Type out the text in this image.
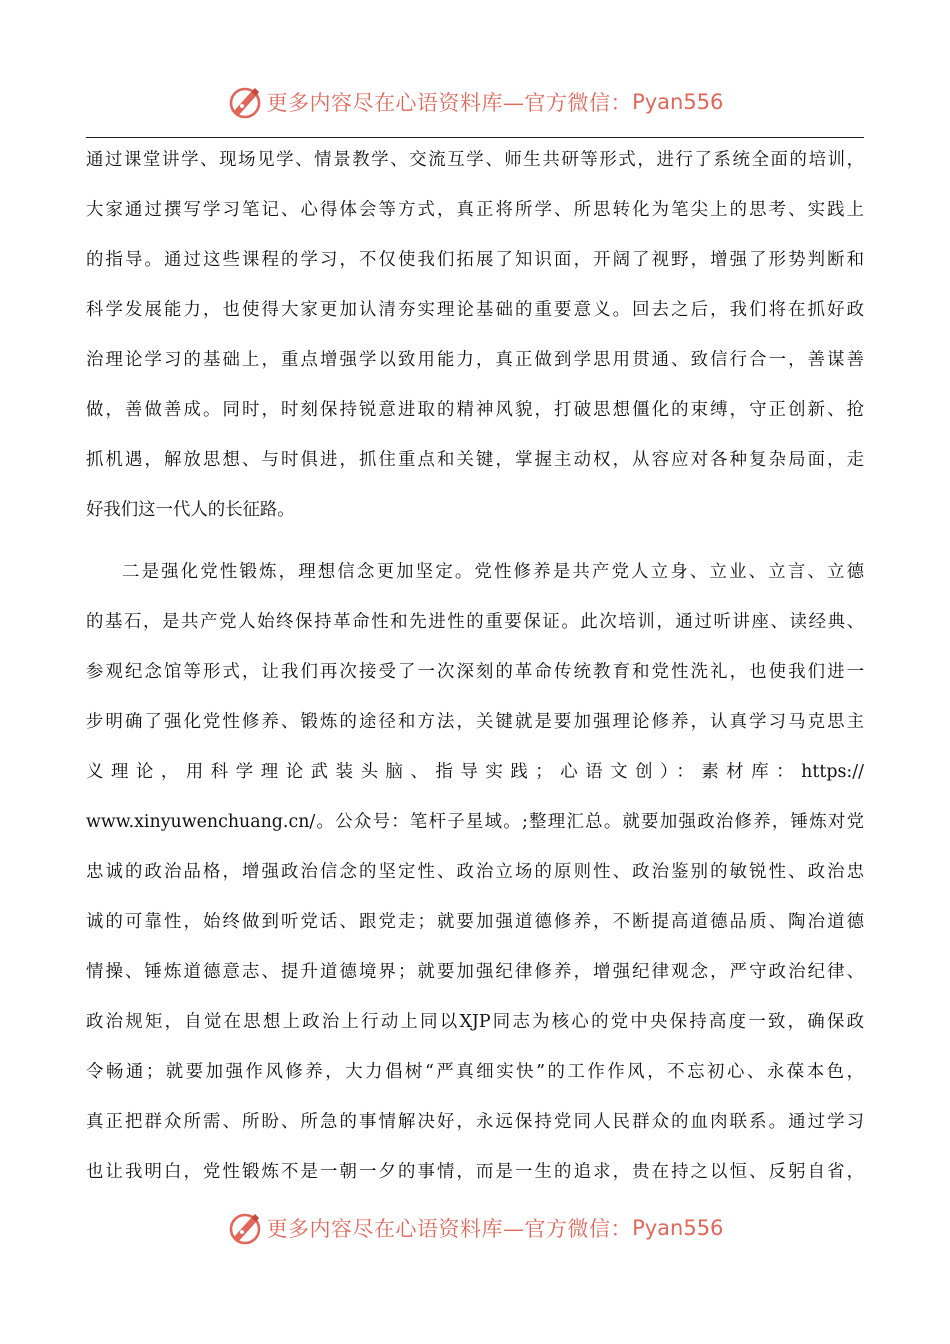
更多内容尽在心语资料库—官方微信： Pyan556
通过课堂讲学、现场见学、情景教学、交流互学、师生共研等形式，进行了系统全面的培训，
大家通过撰写学习笔记、心得体会等方式，真正将所学、所思转化为笔尖上的思考、实践上
的指导。通过这些课程的学习，不仅使我们拓展了知识面，开阔了视野，增强了形势判断和
科学发展能力，也使得大家更加认清夯实理论基础的重要意义。回去之后，我们将在抓好政
治理论学习的基础上，重点增强学以致用能力，真正做到学思用贯通、致信行合一，善谋善
做，善做善成。同时，时刻保持锐意进取的精神风貌，打破思想僵化的束缚，守正创新、抢
抓机遇，解放思想、与时俱进，抓住重点和关键，掌握主动权，从容应对各种复杂局面，走
好我们这一代人的长征路。
二是强化党性锻炼，理想信念更加坚定。党性修养是共产党人立身、立业、立言、立德
的基石，是共产党人始终保持革命性和先进性的重要保证。此次培训，通过听讲座、读经典、
参观纪念馆等形式，让我们再次接受了一次深刻的革命传统教育和党性洗礼，也使我们进一
步明确了强化党性修养、锻炼的途径和方法，关键就是要加强理论修养，认真学习马克思主
义理论，用科学理论武装头脑、指导实践；心语文创）：素材库：https://
www.xinyuwenchuang.cn/。公众号：笔杆子星域。;整理汇总。就要加强政治修养，锤炼对党
忠诚的政治品格，增强政治信念的坚定性、政治立场的原则性、政治鉴别的敏锐性、政治忠
诚的可靠性，始终做到听党话、跟党走；就要加强道德修养，不断提高道德品质、陶冶道德
情操、锤炼道德意志、提升道德境界；就要加强纪律修养，增强纪律观念，严守政治纪律、
政治规矩，自觉在思想上政治上行动上同以XJP同志为核心的党中央保持高度一致，确保政
令畅通；就要加强作风修养，大力倡树“严真细实快”的工作作风，不忘初心、永葆本色，
真正把群众所需、所盼、所急的事情解决好，永远保持党同人民群众的血肉联系。通过学习
也让我明白，党性锻炼不是一朝一夕的事情，而是一生的追求，贵在持之以恒、反躬自省，
更多内容尽在心语资料库—官方微信： Pyan556
